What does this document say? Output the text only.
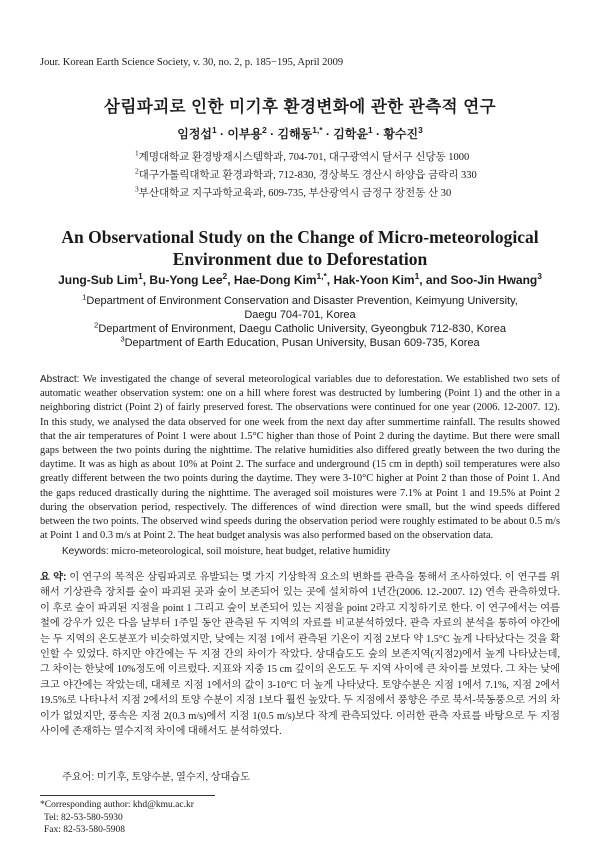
Jour. Korean Earth Science Society, v. 30, no. 2, p. 185−195, April 2009
삼림파괴로 인한 미기후 환경변화에 관한 관측적 연구
임정섭$^1$ · 이부용$^2$ · 김해동$^{1,*}$ · 김학윤$^1$ · 황수진$^3$
$^1$계명대학교 환경방재시스템학과, 704-701, 대구광역시 달서구 신당동 1000
$^2$대구가톨릭대학교 환경과학과, 712-830, 경상북도 경산시 하양읍 금락리 330
$^3$부산대학교 지구과학교육과, 609-735, 부산광역시 금정구 장전동 산 30
An Observational Study on the Change of Micro-meteorological
Environment due to Deforestation
Jung-Sub Lim$^1$, Bu-Yong Lee$^2$, Hae-Dong Kim$^{1,*}$, Hak-Yoon Kim$^1$, and Soo-Jin Hwang$^3$
$^1$Department of Environment Conservation and Disaster Prevention, Keimyung University,
Daegu 704-701, Korea
$^2$Department of Environment, Daegu Catholic University, Gyeongbuk 712-830, Korea
$^3$Department of Earth Education, Pusan University, Busan 609-735, Korea
Abstract: We investigated the change of several meteorological variables due to deforestation. We established two sets of automatic weather observation system: one on a hill where forest was destructed by lumbering (Point 1) and the other in a neighboring district (Point 2) of fairly preserved forest. The observations were continued for one year (2006. 12-2007. 12). In this study, we analysed the data observed for one week from the next day after summertime rainfall. The results showed that the air temperatures of Point 1 were about 1.5°C higher than those of Point 2 during the daytime. But there were small gaps between the two points during the nighttime. The relative humidities also differed greatly between the two during the daytime. It was as high as about 10% at Point 2. The surface and underground (15 cm in depth) soil temperatures were also greatly different between the two points during the daytime. They were 3-10°C higher at Point 2 than those of Point 1. And the gaps reduced drastically during the nighttime. The averaged soil moistures were 7.1% at Point 1 and 19.5% at Point 2 during the observation period, respectively. The differences of wind direction were small, but the wind speeds differed between the two points. The observed wind speeds during the observation period were roughly estimated to be about 0.5 m/s at Point 1 and 0.3 m/s at Point 2. The heat budget analysis was also performed based on the observation data.
Keywords: micro-meteorological, soil moisture, heat budget, relative humidity
요 약: 이 연구의 목적은 삼림파괴로 유발되는 몇 가지 기상학적 요소의 변화를 관측을 통해서 조사하였다. 이 연구를 위해서 기상관측 장치를 숲이 파괴된 곳과 숲이 보존되어 있는 곳에 설치하여 1년간(2006. 12.-2007. 12) 연속 관측하였다. 이 후로 숲이 파괴된 지점을 point 1 그리고 숲이 보존되어 있는 지점을 point 2라고 지칭하기로 한다. 이 연구에서는 여름철에 강우가 있은 다음 날부터 1주일 동안 관측된 두 지역의 자료를 비교분석하였다. 관측 자료의 분석을 통하여 야간에는 두 지역의 온도분포가 비슷하였지만, 낮에는 지점 1에서 관측된 기온이 지점 2보다 약 1.5°C 높게 나타났다는 것을 확인할 수 있었다. 하지만 야간에는 두 지점 간의 차이가 작았다. 상대습도도 숲의 보존지역(지점2)에서 높게 나타났는데, 그 차이는 한낮에 10%정도에 이르렀다. 지표와 지중 15 cm 깊이의 온도도 두 지역 사이에 큰 차이를 보였다. 그 차는 낮에 크고 야간에는 작았는데, 대체로 지점 1에서의 값이 3-10°C 더 높게 나타났다. 토양수분은 지점 1에서 7.1%, 지점 2에서 19.5%로 나타나서 지점 2에서의 토양 수분이 지점 1보다 훨씬 높았다. 두 지점에서 풍향은 주로 북서-북동풍으로 거의 차이가 없었지만, 풍속은 지점 2(0.3 m/s)에서 지점 1(0.5 m/s)보다 작게 관측되었다. 이러한 관측 자료를 바탕으로 두 지점 사이에 존재하는 열수지적 차이에 대해서도 분석하였다.
주요어: 미기후, 토양수분, 열수지, 상대습도
*Corresponding author: khd@kmu.ac.kr
Tel: 82-53-580-5930
Fax: 82-53-580-5908
